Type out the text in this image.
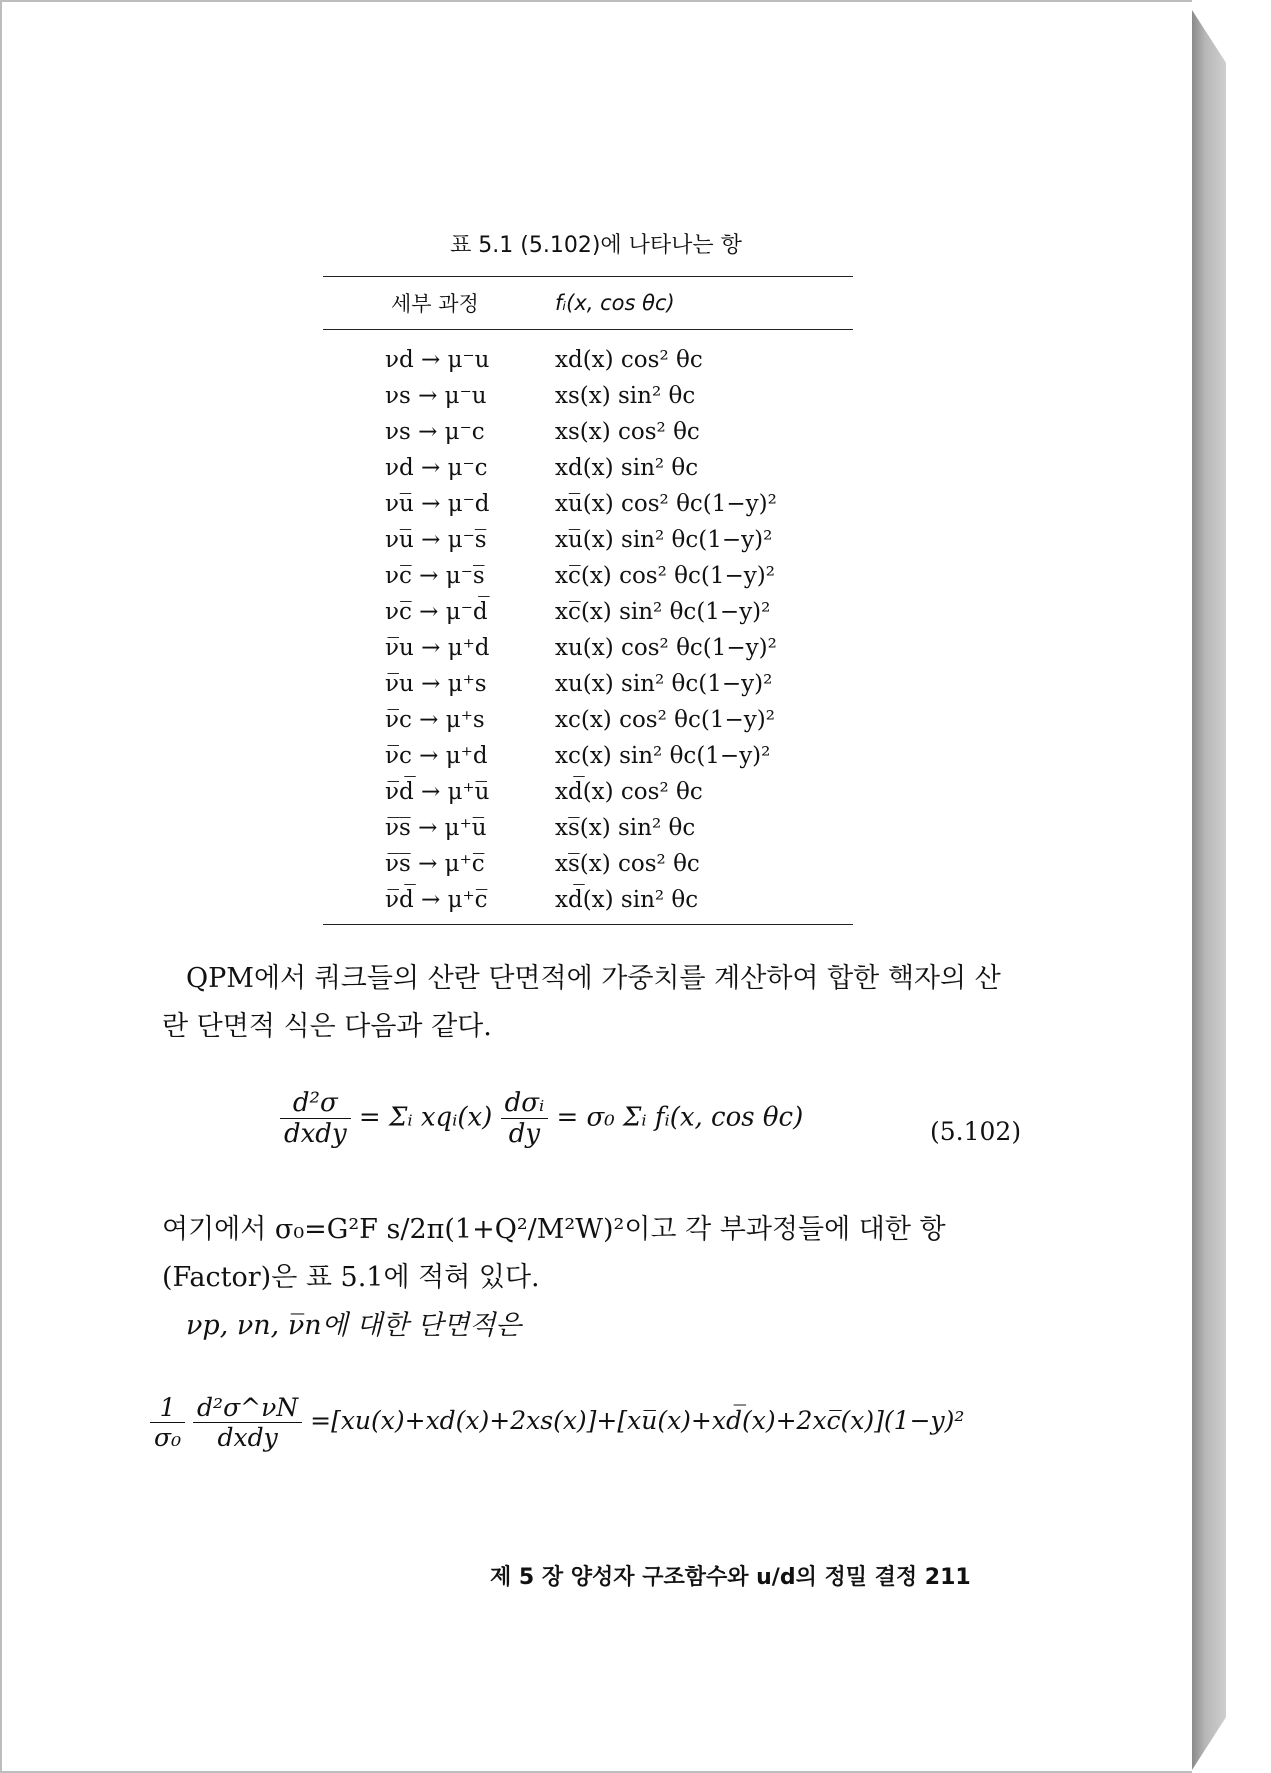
표 5.1 (5.102)에 나타나는 항
세부 과정	fᵢ(x, cos θc)
νd → μ⁻u	xd(x) cos² θc
νs → μ⁻u	xs(x) sin² θc
νs → μ⁻c	xs(x) cos² θc
νd → μ⁻c	xd(x) sin² θc
νu̅ → μ⁻d	xu̅(x) cos² θc(1−y)²
νu̅ → μ⁻s̅	xu̅(x) sin² θc(1−y)²
νc̅ → μ⁻s̅	xc̅(x) cos² θc(1−y)²
νc̅ → μ⁻d̅	xc̅(x) sin² θc(1−y)²
ν̅u → μ⁺d	xu(x) cos² θc(1−y)²
ν̅u → μ⁺s	xu(x) sin² θc(1−y)²
ν̅c → μ⁺s	xc(x) cos² θc(1−y)²
ν̅c → μ⁺d	xc(x) sin² θc(1−y)²
ν̅d̅ → μ⁺u̅	xd̅(x) cos² θc
ν̅s̅ → μ⁺u̅	xs̅(x) sin² θc
ν̅s̅ → μ⁺c̅	xs̅(x) cos² θc
ν̅d̅ → μ⁺c̅	xd̅(x) sin² θc
QPM에서 쿼크들의 산란 단면적에 가중치를 계산하여 합한 핵자의 산란 단면적 식은 다음과 같다.
$\frac{\text{d²σ}}{\text{dxdy}}$ = Σᵢ xqᵢ(x) $\frac{\text{dσᵢ}}{dy} = \sigma_0$ Σᵢ fᵢ(x, cos θc)	(5.102)
여기에서 σ₀=G²F s/2π(1+Q²/M²W)²이고 각 부과정들에 대한 항(Factor)은 표 5.1에 적혀 있다.
νp, νn, ν̅n에 대한 단면적은
$\frac{1}{\text{σ₀}}$
$\frac{\text{d²σ\textasciicircum{}νN}}{\text{dxdy}}$ =[xu(x)+xd(x)+2xs(x)]+[xu̅(x)+xd̅(x)+2xc̅(x)](1−y)²
제 5 장 양성자 구조함수와 u/d의 정밀 결정 211
